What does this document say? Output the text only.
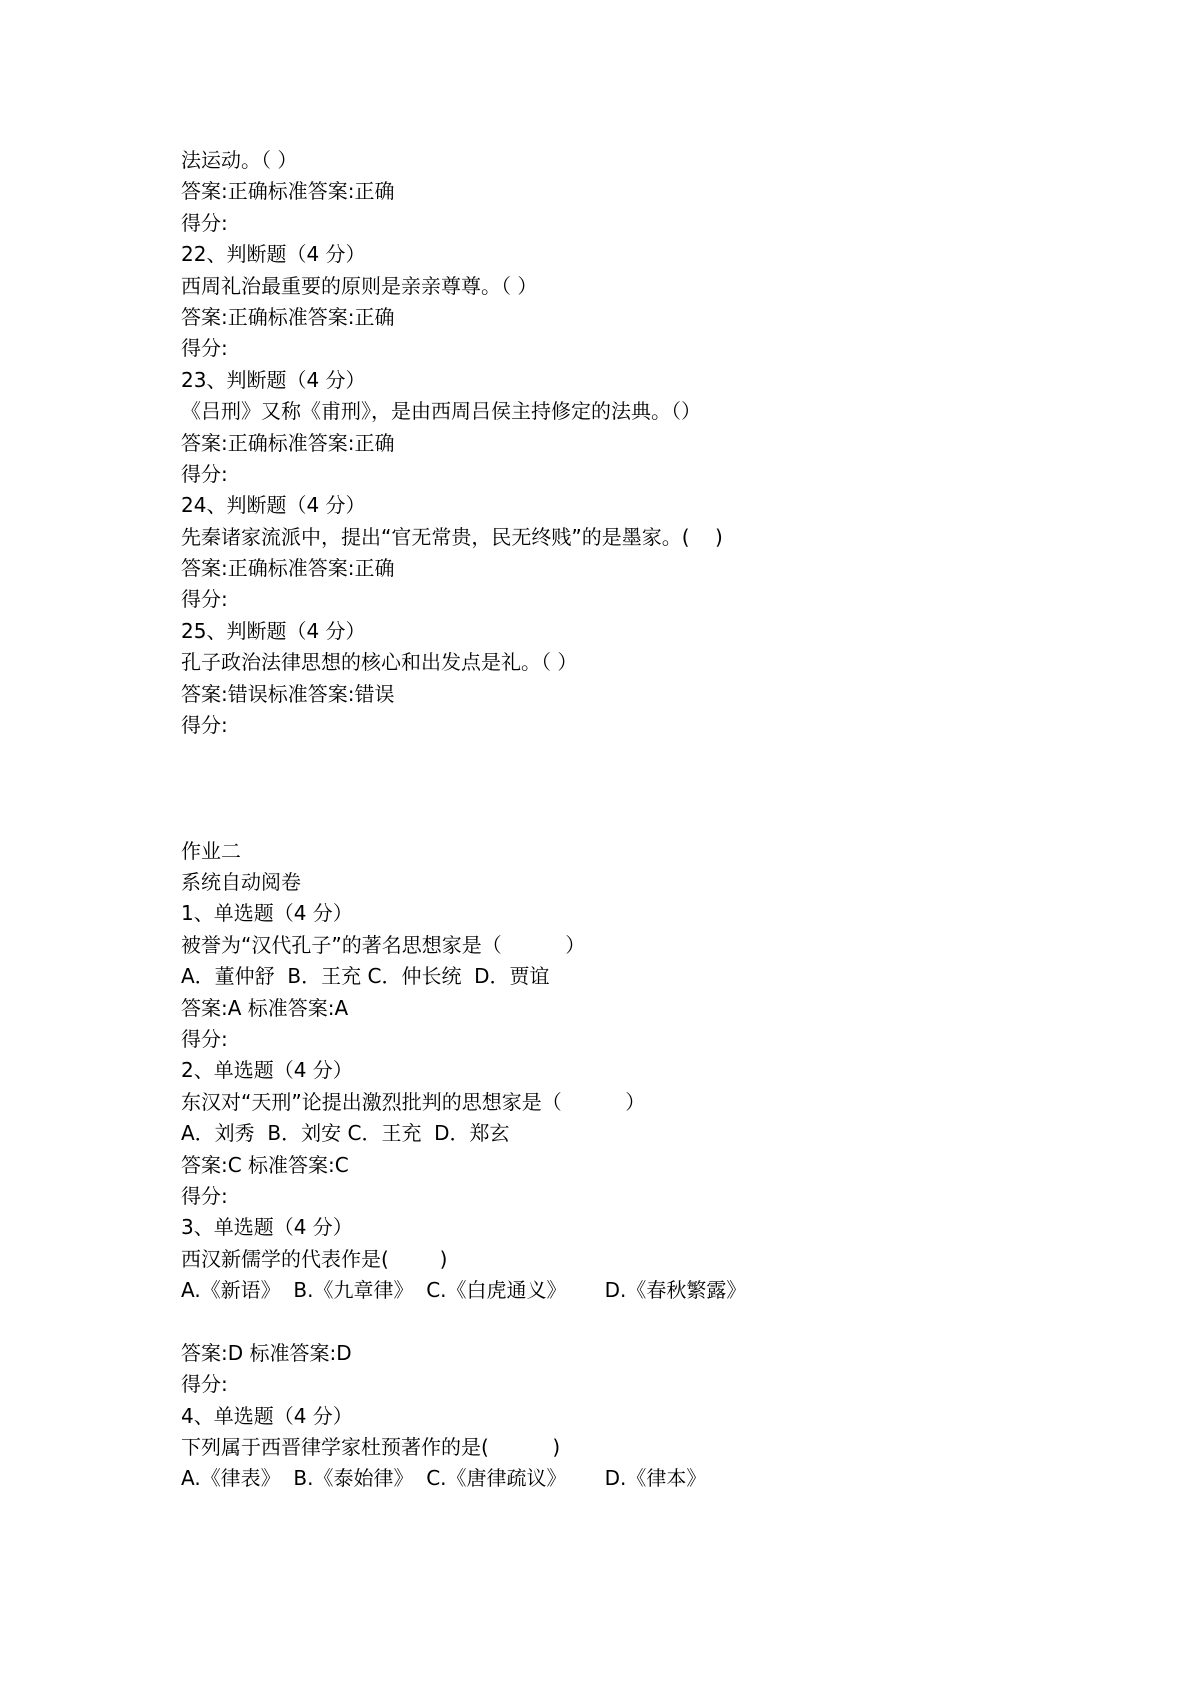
法运动。（ ）

答案:正确标准答案:正确

得分:

22、判断题（4 分）

西周礼治最重要的原则是亲亲尊尊。（ ）

答案:正确标准答案:正确

得分:

23、判断题（4 分）

《吕刑》又称《甫刑》，是由西周吕侯主持修定的法典。（）

答案:正确标准答案:正确

得分:

24、判断题（4 分）

先秦诸家流派中，提出“官无常贵，民无终贱”的是墨家。(    )

答案:正确标准答案:正确

得分:

25、判断题（4 分）

孔子政治法律思想的核心和出发点是礼。（ ）

答案:错误标准答案:错误

得分:

作业二

系统自动阅卷

1、单选题（4 分）

被誉为“汉代孔子”的著名思想家是（          ）

A．董仲舒  B．王充 C．仲长统  D．贾谊

答案:A 标准答案:A

得分:

2、单选题（4 分）

东汉对“天刑”论提出激烈批判的思想家是（          ）

A．刘秀  B．刘安 C．王充  D．郑玄

答案:C 标准答案:C

得分:

3、单选题（4 分）

西汉新儒学的代表作是(        )

A.《新语》  B.《九章律》  C.《白虎通义》      D.《春秋繁露》

答案:D 标准答案:D

得分:

4、单选题（4 分）

下列属于西晋律学家杜预著作的是(          )

A.《律表》  B.《泰始律》  C.《唐律疏议》      D.《律本》
